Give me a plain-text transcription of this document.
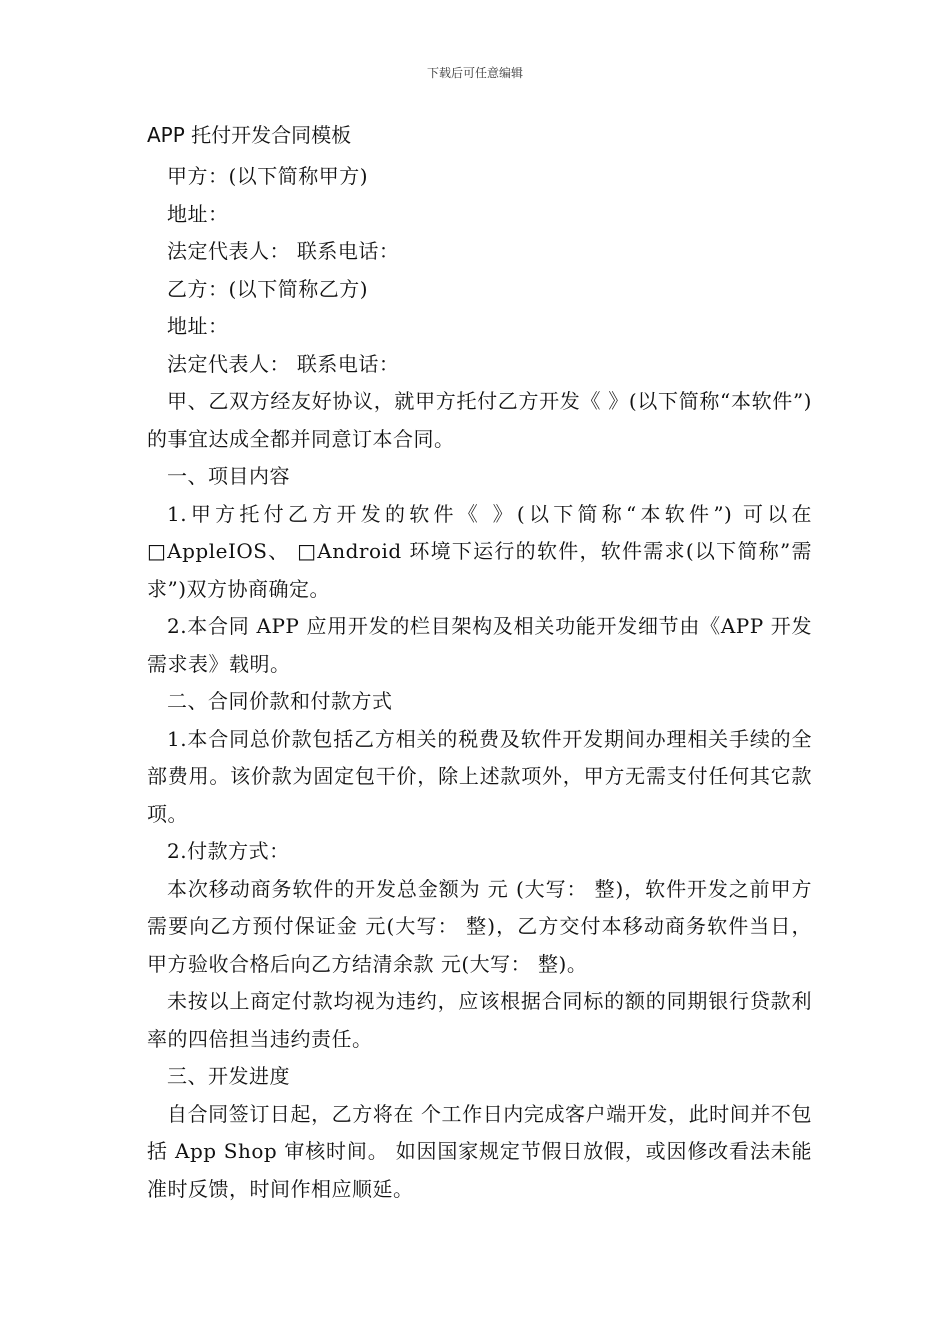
下载后可任意编辑
APP 托付开发合同模板

甲方：(以下简称甲方)

地址：

法定代表人： 联系电话：

乙方：(以下简称乙方)

地址：

法定代表人： 联系电话：

甲、乙双方经友好协议，就甲方托付乙方开发《 》(以下简称“本软件”)的事宜达成全都并同意订本合同。

一、项目内容

1.甲方托付乙方开发的软件《 》(以下简称“本软件”) 可以在□AppleIOS、 □Android 环境下运行的软件，软件需求(以下简称”需求”)双方协商确定。

2.本合同 APP 应用开发的栏目架构及相关功能开发细节由《APP 开发需求表》载明。

二、合同价款和付款方式

1.本合同总价款包括乙方相关的税费及软件开发期间办理相关手续的全部费用。该价款为固定包干价，除上述款项外，甲方无需支付任何其它款项。

2.付款方式：

本次移动商务软件的开发总金额为 元 (大写： 整)，软件开发之前甲方需要向乙方预付保证金 元(大写： 整)，乙方交付本移动商务软件当日，甲方验收合格后向乙方结清余款 元(大写： 整)。

未按以上商定付款均视为违约，应该根据合同标的额的同期银行贷款利率的四倍担当违约责任。

三、开发进度

自合同签订日起，乙方将在 个工作日内完成客户端开发，此时间并不包括 App Shop 审核时间。 如因国家规定节假日放假，或因修改看法未能准时反馈，时间作相应顺延。
